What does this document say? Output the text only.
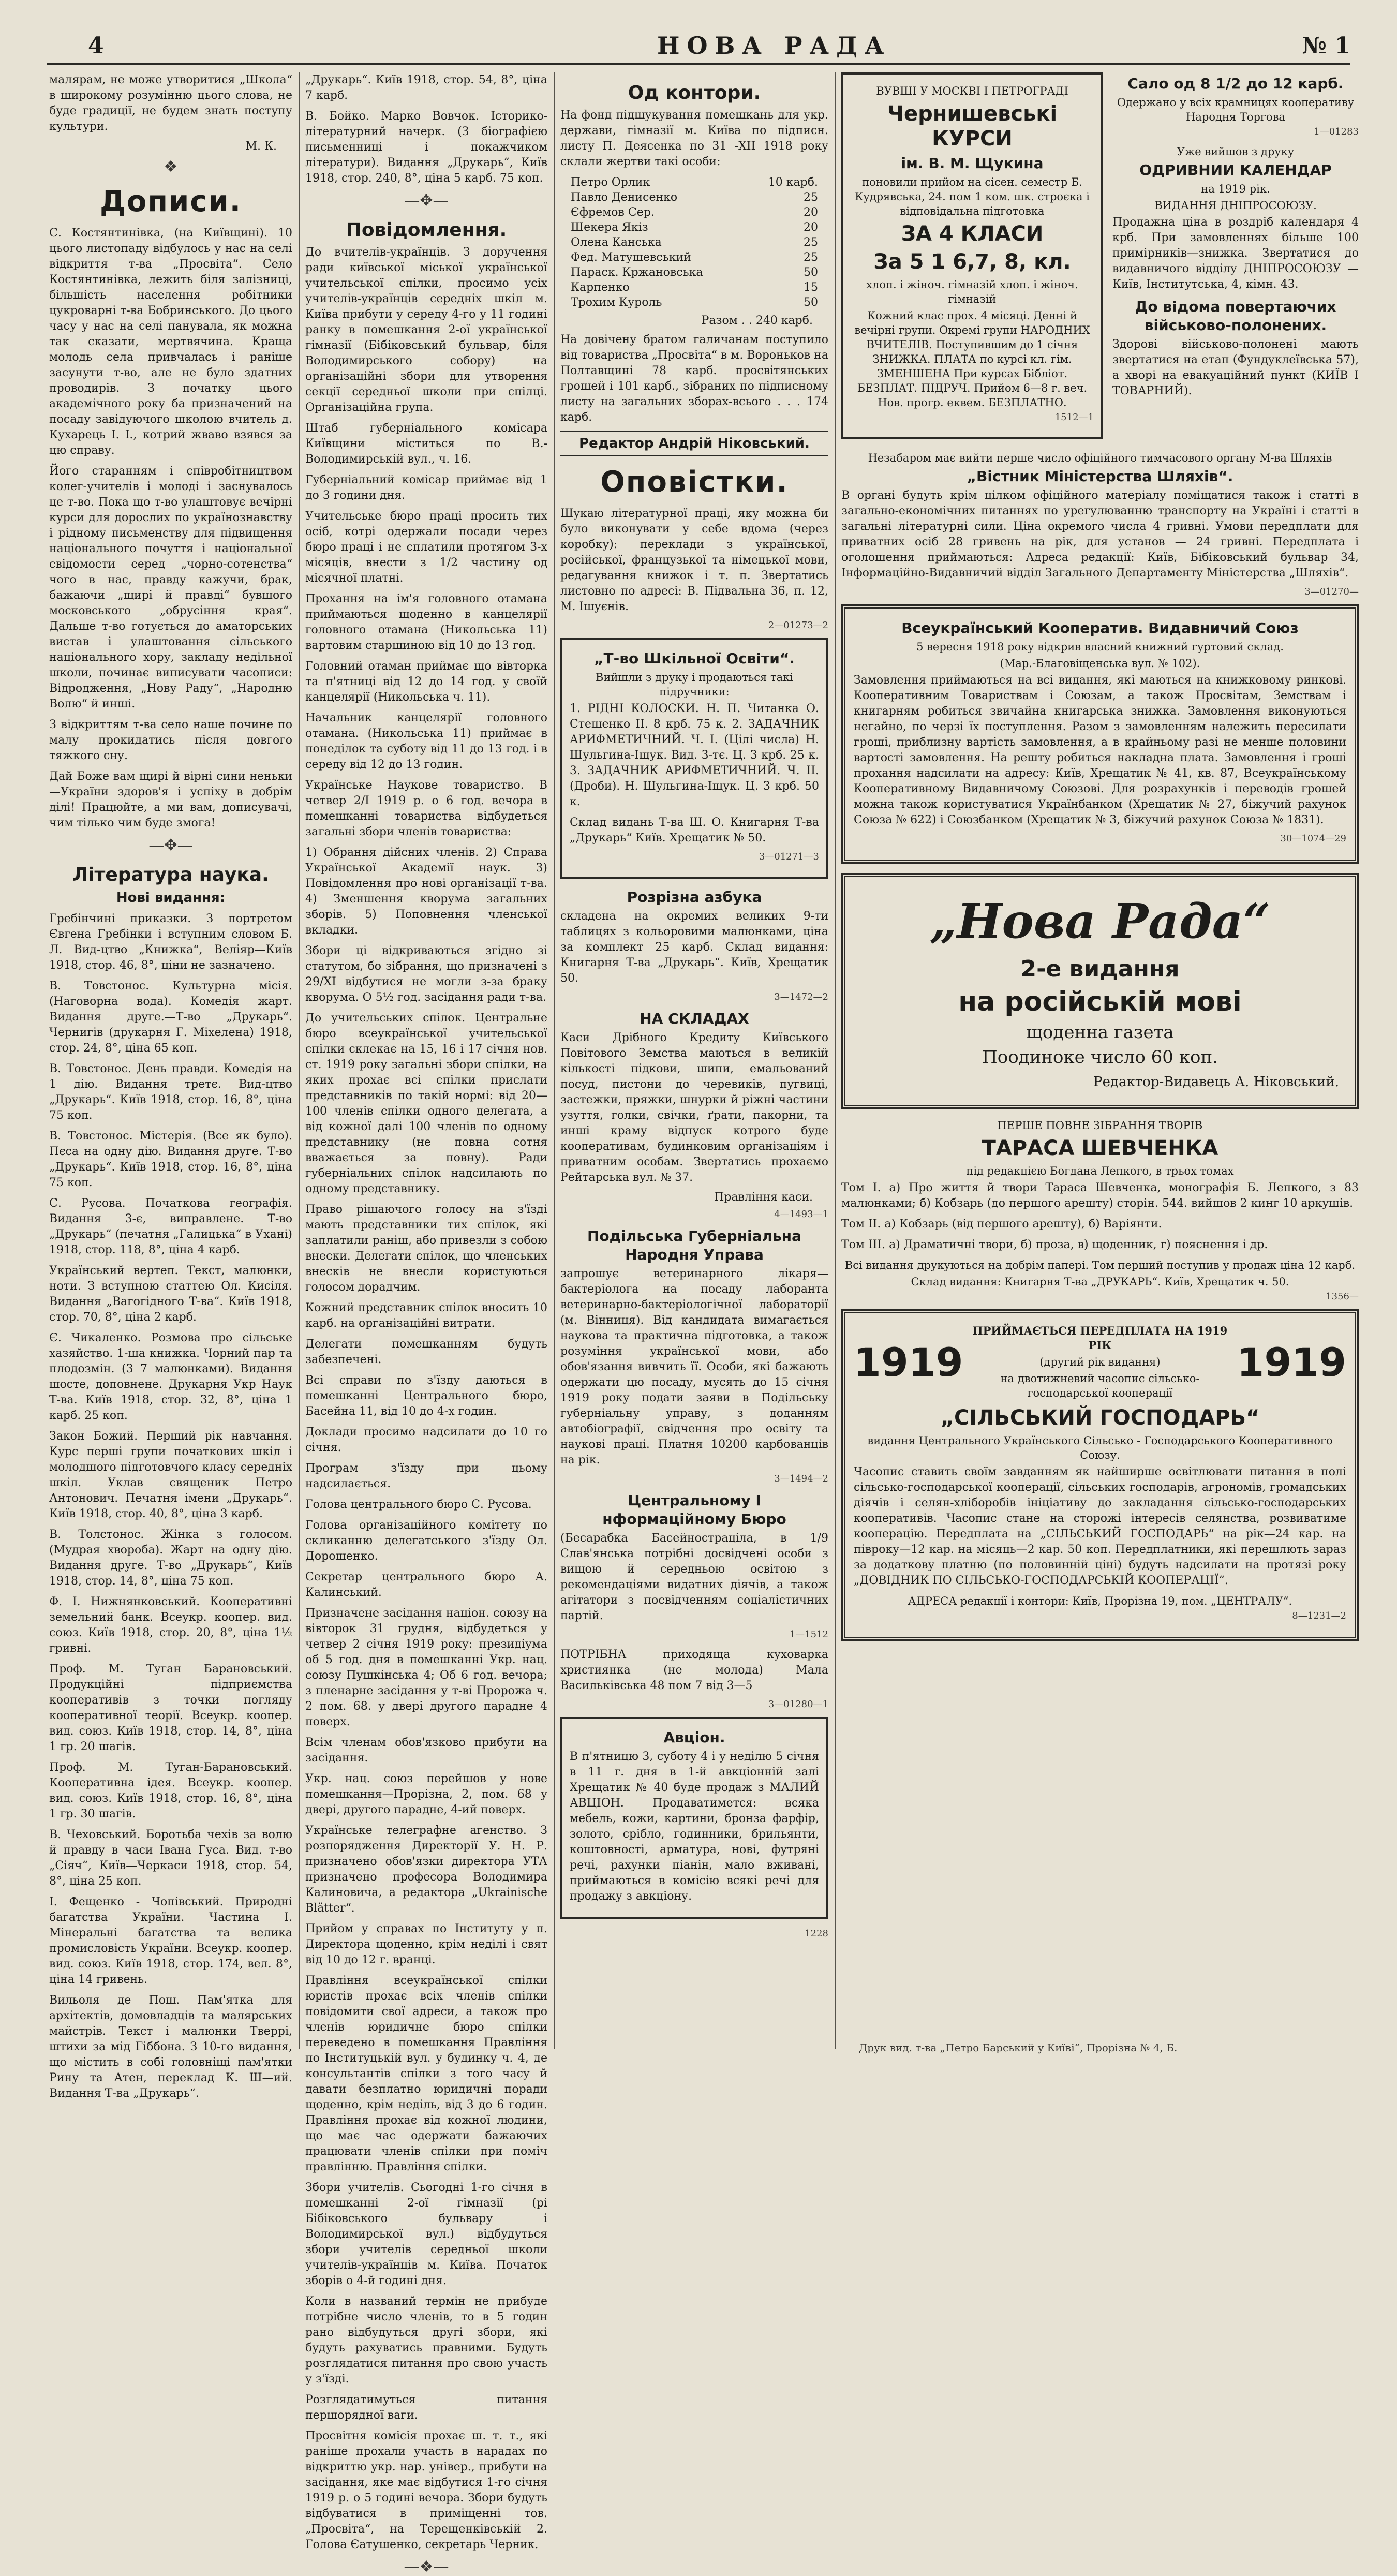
4	НОВА РАДА	№ 1

малярам, не може утворитися „Школа“ в широкому розумінню цього слова, не буде градиції, не будем знать поступу культури.

М. К.
❖
Дописи.

С. Костянтинівка, (на Київщині). 10 цього листопаду відбулось у нас на селі відкриття т-ва „Просвіта“. Село Костянтинівка, лежить біля залізниці, більшість населення робітники цукроварні т-ва Бобринського. До цього часу у нас на селі панувала, як можна так сказати, мертвячина. Краща молодь села привчалась і раніше засунути т-во, але не було здатних проводирів. З початку цього академічного року ба призначений на посаду завідуючого школою вчитель д. Кухарець І. І., котрий жваво взявся за цю справу.

Його старанням і співробітництвом колег-учителів і молоді і заснувалось це т-во. Пока що т-во улаштовує вечірні курси для дорослих по українознавству і рідному письменству для підвищення національного почуття і національної свідомости серед „чорно-сотенства“ чого в нас, правду кажучи, брак, бажаючи „щирі й правді“ бувшого московського „обрусіння края“. Дальше т-во готується до аматорських вистав і улаштовання сільського національного хору, закладу недільної школи, починає виписувати часописи: Відродження, „Нову Раду“, „Народню Волю“ й инші.

З відкриттям т-ва село наше почине по малу прокидатись після довгого тяжкого сну.

Дай Боже вам щирі й вірні сини неньки—України здоров'я і успіху в добрім ділі! Працюйте, а ми вам, дописувачі, чим тілько чим буде змога!

—✥—
Література наука.
Нові видання:

Гребінчині приказки. З портретом Євгена Гребінки і вступним словом Б. Л. Вид-цтво „Книжка“, Веліяр—Київ 1918, стор. 46, 8°, ціни не зазначено.

В. Товстонос. Культурна місія. (Наговорна вода). Комедія жарт. Видання друге.—Т-во „Друкарь“. Чернигів (друкарня Г. Міхелена) 1918, стор. 24, 8°, ціна 65 коп.

В. Товстонос. День правди. Комедія на 1 дію. Видання третє. Вид-цтво „Друкарь“. Київ 1918, стор. 16, 8°, ціна 75 коп.

В. Товстонос. Містерія. (Все як було). Пєса на одну дію. Видання друге. Т-во „Друкарь“. Київ 1918, стор. 16, 8°, ціна 75 коп.

С. Русова. Початкова географія. Видання 3-є, виправлене. Т-во „Друкарь“ (печатня „Галицька“ в Ухані) 1918, стор. 118, 8°, ціна 4 карб.

Український вертеп. Текст, малюнки, ноти. З вступною статтею Ол. Кисіля. Видання „Вагогідного Т-ва“. Київ 1918, стор. 70, 8°, ціна 2 карб.

Є. Чикаленко. Розмова про сільське хазяйство. 1-ша книжка. Чорний пар та плодозмін. (3 7 малюнками). Видання шосте, доповнене. Друкарня Укр Наук Т-ва. Київ 1918, стор. 32, 8°, ціна 1 карб. 25 коп.

Закон Божий. Перший рік навчання. Курс перші групи початкових шкіл і молодшого підготовчого класу середніх шкіл. Уклав священик Петро Антонович. Печатня імени „Друкарь“. Київ 1918, стор. 40, 8°, ціна 3 карб.

В. Толстонос. Жінка з голосом. (Мудрая хвороба). Жарт на одну дію. Видання друге. Т-во „Друкарь“, Київ 1918, стор. 14, 8°, ціна 75 коп.

Ф. І. Нижнянковський. Кооперативні земельний банк. Всеукр. коопер. вид. союз. Київ 1918, стор. 20, 8°, ціна 1½ гривні.

Проф. М. Туган Барановський. Продукційні підприємства кооперативів з точки погляду кооперативної теорії. Всеукр. коопер. вид. союз. Київ 1918, стор. 14, 8°, ціна 1 гр. 20 шагів.

Проф. М. Туган-Барановський. Кооперативна ідея. Всеукр. коопер. вид. союз. Київ 1918, стор. 16, 8°, ціна 1 гр. 30 шагів.

В. Чеховський. Боротьба чехів за волю й правду в часи Івана Гуса. Вид. т-во „Сіяч“, Київ—Черкаси 1918, стор. 54, 8°, ціна 25 коп.

І. Фещенко - Чопівський. Природні багатства України. Частина І. Мінеральні багатства та велика промисловість України. Всеукр. коопер. вид. союз. Київ 1918, стор. 174, вел. 8°, ціна 14 гривень.

Вильоля де Пош. Пам'ятка для архітектів, домовладців та малярських майстрів. Текст і малюнки Тверрі, штихи за мід Гіббона. З 10-го видання, що містить в собі головніщі пам'ятки Рину та Атен, переклад К. Ш—ий. Видання Т-ва „Друкарь“.

„Друкарь“. Київ 1918, стор. 54, 8°, ціна 7 карб.

В. Бойко. Марко Вовчок. Історико-літературний начерк. (З біографією письменниці і покажчиком літератури). Видання „Друкарь“, Київ 1918, стор. 240, 8°, ціна 5 карб. 75 коп.

—✥—
Повідомлення.

До вчителів-українців. З доручення ради київської міської української учительської спілки, просимо усіх учителів-українців середніх шкіл м. Київа прибути у середу 4-го у 11 годині ранку в помешкання 2-ої української гімназії (Бібіковський бульвар, біля Володимирського собору) на організаційні збори для утворення секції середньої школи при спілці. Організаційна група.

Штаб губерніального комісара Київщини міститься по В.-Володимирській вул., ч. 16.

Губерніальний комісар приймає від 1 до 3 години дня.

Учительське бюро праці просить тих осіб, котрі одержали посади через бюро праці і не сплатили протягом 3-х місяців, внести з 1/2 частину од місячної платні.

Прохання на ім'я головного отамана приймаються щоденно в канцелярії головного отамана (Никольська 11) вартовим старшиною від 10 до 13 год.

Головний отаман приймає що вівторка та п'ятниці від 12 до 14 год. у своїй канцелярії (Никольська ч. 11).

Начальник канцелярії головного отамана. (Никольська 11) приймає в понеділок та суботу від 11 до 13 год. і в середу від 12 до 13 годин.

Українське Наукове товариство. В четвер 2/І 1919 р. о 6 год. вечора в помешканні товариства відбудеться загальні збори членів товариства:

1) Обрання дійсних членів. 2) Справа Української Академії наук. 3) Повідомлення про нові організації т-ва. 4) Зменшення кворума загальних зборів. 5) Поповнення членської вкладки.

Збори ці відкриваються згідно зі статутом, бо зібрання, що призначені з 29/XI відбутися не могли з-за браку кворума. О 5½ год. засідання ради т-ва.

До учительських спілок. Центральне бюро всеукраїнської учительської спілки склекає на 15, 16 і 17 січня нов. ст. 1919 року загальні збори спілки, на яких прохає всі спілки прислати представників по такій нормі: від 20—100 членів спілки одного делегата, а від кожної далі 100 членів по одному представнику (не повна сотня вважається за повну). Ради губерніальних спілок надсилають по одному представнику.

Право рішаючого голосу на з'їзді мають представники тих спілок, які заплатили раніш, або привезли з собою внески. Делегати спілок, що членських внесків не внесли користуються голосом дорадчим.

Кожний представник спілок вносить 10 карб. на організаційні витрати.

Делегати помешканням будуть забезпечені.

Всі справи по з'їзду даються в помешканні Центрального бюро, Басейна 11, від 10 до 4-х годин.

Доклади просимо надсилати до 10 го січня.

Програм з'їзду при цьому надсилається.

Голова центрального бюро С. Русова.

Голова організаційного комітету по скликанню делегатського з'їзду Ол. Дорошенко.

Секретар центрального бюро А. Калинський.

Призначене засідання націон. союзу на вівторок 31 грудня, відбудеться у четвер 2 січня 1919 року: президіума об 5 год. дня в помешканні Укр. нац. союзу Пушкінська 4; Об 6 год. вечора; з пленарне засідання у т-ві Пророжа ч. 2 пом. 68. у двері другого парадне 4 поверх.

Всім членам обов'язково прибути на засідання.

Укр. нац. союз перейшов у нове помешкання—Прорізна, 2, пом. 68 у двері, другого парадне, 4-ий поверх.

Українське телеграфне агенство. З розпорядження Директорії У. Н. Р. призначено обов'язки директора УТА призначено професора Володимира Калиновича, а редактора „Ukrainische Blätter“.

Прийом у справах по Інституту у п. Директора щоденно, крім неділі і свят від 10 до 12 г. вранці.

Правління всеукраїнської спілки юристів прохає всіх членів спілки повідомити свої адреси, а також про членів юридичне бюро спілки переведено в помешкання Правління по Інституцькій вул. у будинку ч. 4, де консультантів спілки з того часу й давати безплатно юридичні поради щоденно, крім неділь, від 3 до 6 годин. Правління прохає від кожної людини, що має час одержати бажаючих працювати членів спілки при поміч правлінню. Правління спілки.

Збори учителів. Сьогодні 1-го січня в помешканні 2-ої гімназії (рі Бібіковського бульвару і Володимирської вул.) відбудуться збори учителів середньої школи учителів-українців м. Київа. Початок зборів о 4-й годині дня.

Коли в названий термін не прибуде потрібне число членів, то в 5 годин рано відбудуться другі збори, які будуть рахуватись правними. Будуть розглядатися питання про свою участь у з'їзді.

Розглядатимуться питання першорядної ваги.

Просвітня комісія прохає ш. т. т., які раніше прохали участь в нарадах по відкриттю укр. нар. універ., прибути на засідання, яке має відбутися 1-го січня 1919 р. о 5 годині вечора. Збори будуть відбуватися в приміщенні тов. „Просвіта“, на Терещенківській 2. Голова Єатушенко, секретарь Черник.

—❖—
Од контори.

На фонд підшукування помешкань для укр. держави, гімназії м. Київа по підписн. листу П. Деясенка по 31 -ХІІ 1918 року склали жертви такі особи:

Петро Орлик	10 карб.
Павло Денисенко	25
Єфремов Сер.	20
Шекера Якіз	20
Олена Канська	25
Фед. Матушевський	25
Параск. Кржановська	50
Карпенко	15
Трохим Куроль	50
Разом . . 240 карб.

На довічену братом галичанам поступило від товариства „Просвіта“ в м. Вороньков на Полтавщині 78 карб. просвітянських грошей і 101 карб., зібраних по підписному листу на загальних зборах-всього . . . 174 карб.

Редактор Андрій Ніковський.
Оповістки.

Шукаю літературної праці, яку можна би було виконувати у себе вдома (через коробку): переклади з української, російської, французької та німецької мови, редагування книжок і т. п. Звертатись листовно по адресі: В. Підвальна 36, п. 12, М. Ішуєнів.

2—01273—2
„Т-во Шкільної Освіти“.
Вийшли з друку і продаються такі підручники:

1. РІДНІ КОЛОСКИ. Н. П. Читанка О. Стешенко ІІ. 8 крб. 75 к. 2. ЗАДАЧНИК АРИФМЕТИЧНИЙ. Ч. І. (Цілі числа) Н. Шульгина-Іщук. Вид. 3-тє. Ц. 3 крб. 25 к. 3. ЗАДАЧНИК АРИФМЕТИЧНИЙ. Ч. ІІ. (Дроби). Н. Шульгина-Іщук. Ц. 3 крб. 50 к.

Склад видань Т-ва Ш. О. Книгарня Т-ва „Друкарь“ Київ. Хрещатик № 50.

3—01271—3
Розрізна азбука

складена на окремих великих 9-ти таблицях з кольоровими малюнками, ціна за комплект 25 карб. Склад видання: Книгарня Т-ва „Друкарь“. Київ, Хрещатик 50.

3—1472—2
НА СКЛАДАХ

Каси Дрібного Кредиту Київського Повітового Земства маються в великій кількості підкови, шипи, емальований посуд, пистони до черевиків, пугвиці, застежки, пряжки, шнурки й ріжні частини узуття, голки, свічки, ґрати, пакорни, та инші краму відпуск котрого буде кооперативам, будинковим організаціям і приватним особам. Звертатись прохаємо Рейтарська вул. № 37.

Правління каси.
4—1493—1
Подільська Губерніальна Народня Управа

запрошує ветеринарного лікаря—бактеріолога на посаду лаборанта ветеринарно-бактеріологічної лабораторії (м. Вінниця). Від кандидата вимагається наукова та практична підготовка, а також розуміння української мови, або обов'язання вивчить її. Особи, які бажають одержати цю посаду, мусять до 15 січня 1919 року подати заяви в Подільську губерніальну управу, з доданням автобіографії, свідчення про освіту та наукові праці. Платня 10200 карбованців на рік.

3—1494—2
Центральному І нформаційному Бюро

(Бесарабка Басейностраціла, в 1/9 Слав'янська потрібні досвідчені особи з вищою й середньою освітою з рекомендаціями видатних діячів, а також агітатори з посвідченням соціалістичних партій.

1—1512

ПОТРІБНА приходяща куховарка християнка (не молода) Мала Васильківська 48 пом 7 від 3—5

3—01280—1
Авціон.

В п'ятницю 3, суботу 4 і у неділю 5 січня в 11 г. дня в 1-й авкціонній залі Хрещатик № 40 буде продаж з МАЛИЙ АВЦІОН. Продаватимется: всяка мебель, кожи, картини, бронза фарфір, золото, срібло, годинники, брильянти, коштовності, арматура, нові, футряні речі, рахунки піанін, мало вживані, приймаються в комісію всякі речі для продажу з авкціону.

1228
ВУВШІ У МОСКВІ І ПЕТРОГРАДІ
Чернишевські КУРСИ
ім. В. М. Щукина
поновили прийом на сісен. семестр Б. Кудрявська, 24. пом 1 ком. шк. строєка і відповідальна підготовка
ЗА 4 КЛАСИ
За 5 1 6,7, 8, кл.
хлоп. і жіноч. гімназій хлоп. і жіноч. гімназій
Кожний клас прох. 4 місяці. Денні й вечірні групи. Окремі групи НАРОДНИХ ВЧИТЕЛІВ. Поступившим до 1 січня ЗНИЖКА. ПЛАТА по курсі кл. гім. ЗМЕНШЕНА При курсах Бібліот. БЕЗПЛАТ. ПІДРУЧ. Прийом 6—8 г. веч. Нов. прогр. еквем. БЕЗПЛАТНО.
1512—1
Сало од 8 1/2 до 12 карб.
Одержано у всіх крамницях кооперативу Народня Торгова
1—01283
Уже вийшов з друку
ОДРИВНИИ КАЛЕНДАР
на 1919 рік.
ВИДАННЯ ДНІПРОСОЮЗУ.

Продажна ціна в роздріб календаря 4 крб. При замовленнях більше 100 примірників—знижка. Звертатися до видавничого відділу ДНІПРОСОЮЗУ — Київ, Інститутська, 4, кімн. 43.

До відома повертаючих військово-полонених.

Здорові військово-полонені мають звертатися на етап (Фундуклеївська 57), а хворі на евакуаційний пункт (КИЇВ І ТОВАРНИЙ).

Незабаром має вийти перше число офіційного тимчасового органу М-ва Шляхів
„Вістник Міністерства Шляхів“.

В органі будуть крім цілком офіційного матеріалу поміщатися також і статті в загально-економічних питаннях по урегулюванню транспорту на Україні і статті в загальні літературні сили. Ціна окремого числа 4 гривні. Умови передплати для приватних осіб 28 гривень на рік, для установ — 24 гривні. Передплата і оголошення приймаються: Адреса редакції: Київ, Бібіковський бульвар 34, Інформаційно-Видавничий відділ Загального Департаменту Міністерства „Шляхів“.

3—01270—
Всеукраїнський Кооператив. Видавничий Союз
5 вересня 1918 року відкрив власний книжний гуртовий склад.
(Мар.-Благовіщенська вул. № 102).

Замовлення приймаються на всі видання, які маються на книжковому ринкові. Кооперативним Товариствам і Союзам, а також Просвітам, Земствам і книгарням робиться звичайна книгарська знижка. Замовлення виконуються негайно, по черзі їх поступлення. Разом з замовленням належить пересилати гроші, приблизну вартість замовлення, а в крайньому разі не менше половини вартості замовлення. На решту робиться накладна плата. Замовлення і гроші прохання надсилати на адресу: Київ, Хрещатик № 41, кв. 87, Всеукраїнському Кооперативному Видавничому Союзові. Для розрахунків і переводів грошей можна також користуватися Українбанком (Хрещатик № 27, біжучий рахунок Союза № 622) і Союзбанком (Хрещатик № 3, біжучий рахунок Союза № 1831).

30—1074—29
„Нова Рада“
2-е видання
на російській мові
щоденна газета
Поодиноке число 60 коп.
Редактор-Видавець А. Ніковський.
ПЕРШЕ ПОВНЕ ЗІБРАННЯ ТВОРІВ
ТАРАСА ШЕВЧЕНКА
під редакцією Богдана Лепкого, в трьох томах

Том І. а) Про життя й твори Тараса Шевченка, монографія Б. Лепкого, з 83 малюнками; б) Кобзарь (до першого арешту) сторін. 544. вийшов 2 кинг 10 аркушів.

Том ІІ. а) Кобзарь (від першого арешту), б) Варіянти.

Том ІІІ. а) Драматичні твори, б) проза, в) щоденник, г) пояснення і др.

Всі видання друкуються на добрім папері. Том перший поступив у продаж ціна 12 карб.
Склад видання: Книгарня Т-ва „ДРУКАРЬ“. Київ, Хрещатик ч. 50.
1356—
1919
ПРИЙМАЄТЬСЯ ПЕРЕДПЛАТА НА 1919 РІК
(другий рік видання)
на двотижневий часопис сільсько-господарської кооперації
1919
„СІЛЬСЬКИЙ ГОСПОДАРЬ“
видання Центрального Українського Сільсько - Господарського Кооперативного Союзу.

Часопис ставить своїм завданням як найширше освітлювати питання в полі сільсько-господарської кооперації, сільських господарів, агрономів, громадських діячів і селян-хліборобів ініціативу до закладання сільсько-господарських кооперативів. Часопис стане на сторожі інтересів селянства, розвиватиме кооперацію. Передплата на „СІЛЬСЬКИЙ ГОСПОДАРЬ“ на рік—24 кар. на півроку—12 кар. на місяць—2 кар. 50 коп. Передплатники, які перешлють зараз за додаткову платню (по половинній ціні) будуть надсилати на протязі року „ДОВІДНИК ПО СІЛЬСЬКО-ГОСПОДАРСЬКІЙ КООПЕРАЦІЇ“.

АДРЕСА редакції і контори: Київ, Прорізна 19, пом. „ЦЕНТРАЛУ“.
8—1231—2
Друк вид. т-ва „Петро Барський у Київі“, Прорізна № 4, Б.
